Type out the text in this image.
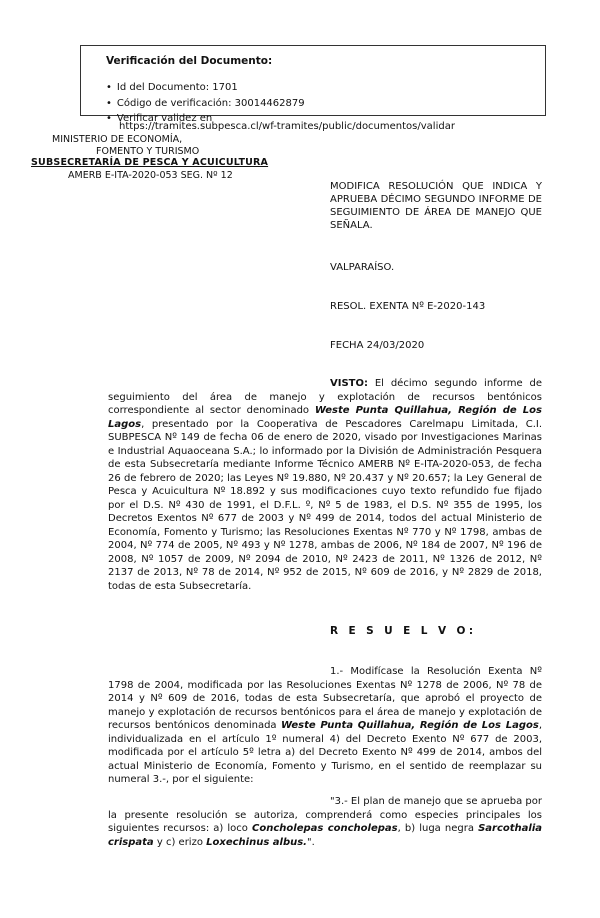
Verificación del Documento:
• Id del Documento: 1701
• Código de verificación: 30014462879
• Verificar validez en
https://tramites.subpesca.cl/wf-tramites/public/documentos/validar
MINISTERIO DE ECONOMÍA,
FOMENTO Y TURISMO
SUBSECRETARÍA DE PESCA Y ACUICULTURA
AMERB E-ITA-2020-053 SEG. Nº 12
MODIFICA RESOLUCIÓN QUE INDICA Y APRUEBA DÉCIMO SEGUNDO INFORME DE SEGUIMIENTO DE ÁREA DE MANEJO QUE SEÑALA.
VALPARAÍSO.
RESOL. EXENTA Nº E-2020-143
FECHA 24/03/2020

VISTO: El décimo segundo informe de seguimiento del área de manejo y explotación de recursos bentónicos correspondiente al sector denominado Weste Punta Quillahua, Región de Los Lagos, presentado por la Cooperativa de Pescadores Carelmapu Limitada, C.I. SUBPESCA Nº 149 de fecha 06 de enero de 2020, visado por Investigaciones Marinas e Industrial Aquaoceana S.A.; lo informado por la División de Administración Pesquera de esta Subsecretaría mediante Informe Técnico AMERB Nº E-ITA-2020-053, de fecha 26 de febrero de 2020; las Leyes Nº 19.880, Nº 20.437 y Nº 20.657; la Ley General de Pesca y Acuicultura Nº 18.892 y sus modificaciones cuyo texto refundido fue fijado por el D.S. Nº 430 de 1991, el D.F.L. º, Nº 5 de 1983, el D.S. Nº 355 de 1995, los Decretos Exentos Nº 677 de 2003 y Nº 499 de 2014, todos del actual Ministerio de Economía, Fomento y Turismo; las Resoluciones Exentas Nº 770 y Nº 1798, ambas de 2004, Nº 774 de 2005, Nº 493 y Nº 1278, ambas de 2006, Nº 184 de 2007, Nº 196 de 2008, Nº 1057 de 2009, Nº 2094 de 2010, Nº 2423 de 2011, Nº 1326 de 2012, Nº 2137 de 2013, Nº 78 de 2014, Nº 952 de 2015, Nº 609 de 2016, y Nº 2829 de 2018, todas de esta Subsecretaría.

R E S U E L V O:

1.- Modifícase la Resolución Exenta Nº 1798 de 2004, modificada por las Resoluciones Exentas Nº 1278 de 2006, Nº 78 de 2014 y Nº 609 de 2016, todas de esta Subsecretaría, que aprobó el proyecto de manejo y explotación de recursos bentónicos para el área de manejo y explotación de recursos bentónicos denominada Weste Punta Quillahua, Región de Los Lagos, individualizada en el artículo 1º numeral 4) del Decreto Exento Nº 677 de 2003, modificada por el artículo 5º letra a) del Decreto Exento Nº 499 de 2014, ambos del actual Ministerio de Economía, Fomento y Turismo, en el sentido de reemplazar su numeral 3.-, por el siguiente:

"3.- El plan de manejo que se aprueba por la presente resolución se autoriza, comprenderá como especies principales los siguientes recursos: a) loco Concholepas concholepas, b) luga negra Sarcothalia crispata y c) erizo Loxechinus albus.".
